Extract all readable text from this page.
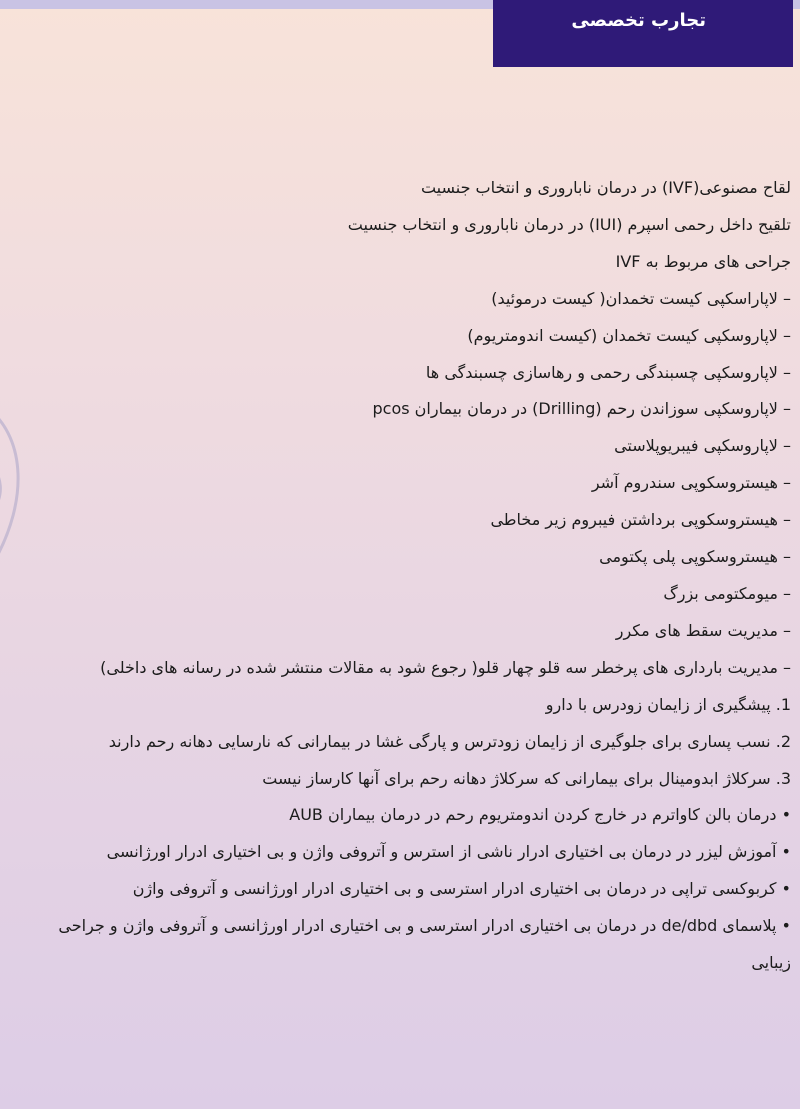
تجارب تخصصی

لقاح مصنوعی(IVF) در درمان ناباروری و انتخاب جنسیت

تلقیح داخل رحمی اسپرم (IUI) در درمان ناباروری و انتخاب جنسیت

جراحی های مربوط به IVF

– لاپاراسکپی کیست تخمدان( کیست درموئید)

– لاپاروسکپی کیست تخمدان (کیست اندومتریوم)

– لاپاروسکپی چسبندگی رحمی و رهاسازی چسبندگی ها

– لاپاروسکپی سوزاندن رحم (Drilling) در درمان بیماران pcos

– لاپاروسکپی فیبریوپلاستی

– هیستروسکوپی سندروم آشر

– هیستروسکوپی برداشتن فیبروم زیر مخاطی

– هیستروسکوپی پلی پکتومی

– میومکتومی بزرگ

– مدیریت سقط های مکرر

– مدیریت بارداری های پرخطر سه قلو چهار قلو( رجوع شود به مقالات منتشر شده در رسانه های داخلی)

1. پیشگیری از زایمان زودرس با دارو

2. نسب پساری برای جلوگیری از زایمان زودترس و پارگی غشا در بیمارانی که نارسایی دهانه رحم دارند

3. سرکلاژ ابدومینال برای بیمارانی که سرکلاژ دهانه رحم برای آنها کارساز نیست

• درمان بالن کاواترم در خارج کردن اندومتریوم رحم در درمان بیماران AUB

• آموزش لیزر در درمان بی اختیاری ادرار ناشی از استرس و آتروفی واژن و بی اختیاری ادرار اورژانسی

• کربوکسی تراپی در درمان بی اختیاری ادرار استرسی و بی اختیاری ادرار اورژانسی و آتروفی واژن

• پلاسمای de/dbd در درمان بی اختیاری ادرار استرسی و بی اختیاری ادرار اورژانسی و آتروفی واژن و جراحی زیبایی
